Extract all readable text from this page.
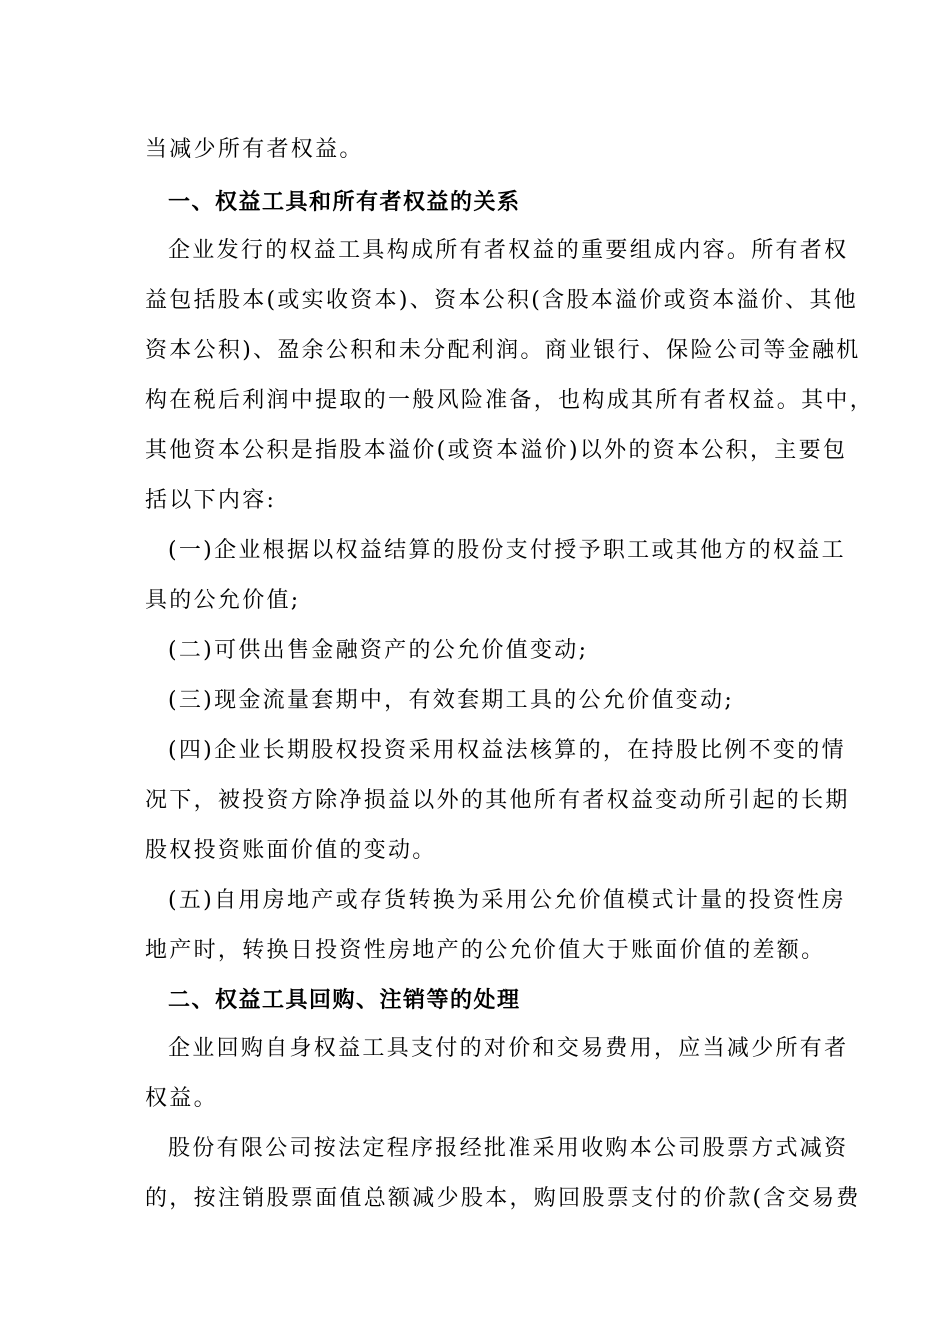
当减少所有者权益。
一、权益工具和所有者权益的关系
企业发行的权益工具构成所有者权益的重要组成内容。所有者权
益包括股本(或实收资本)、资本公积(含股本溢价或资本溢价、其他
资本公积)、盈余公积和未分配利润。商业银行、保险公司等金融机
构在税后利润中提取的一般风险准备，也构成其所有者权益。其中，
其他资本公积是指股本溢价(或资本溢价)以外的资本公积，主要包
括以下内容:
(一)企业根据以权益结算的股份支付授予职工或其他方的权益工
具的公允价值;
(二)可供出售金融资产的公允价值变动;
(三)现金流量套期中，有效套期工具的公允价值变动;
(四)企业长期股权投资采用权益法核算的，在持股比例不变的情
况下，被投资方除净损益以外的其他所有者权益变动所引起的长期
股权投资账面价值的变动。
(五)自用房地产或存货转换为采用公允价值模式计量的投资性房
地产时，转换日投资性房地产的公允价值大于账面价值的差额。
二、权益工具回购、注销等的处理
企业回购自身权益工具支付的对价和交易费用，应当减少所有者
权益。
股份有限公司按法定程序报经批准采用收购本公司股票方式减资
的，按注销股票面值总额减少股本，购回股票支付的价款(含交易费
